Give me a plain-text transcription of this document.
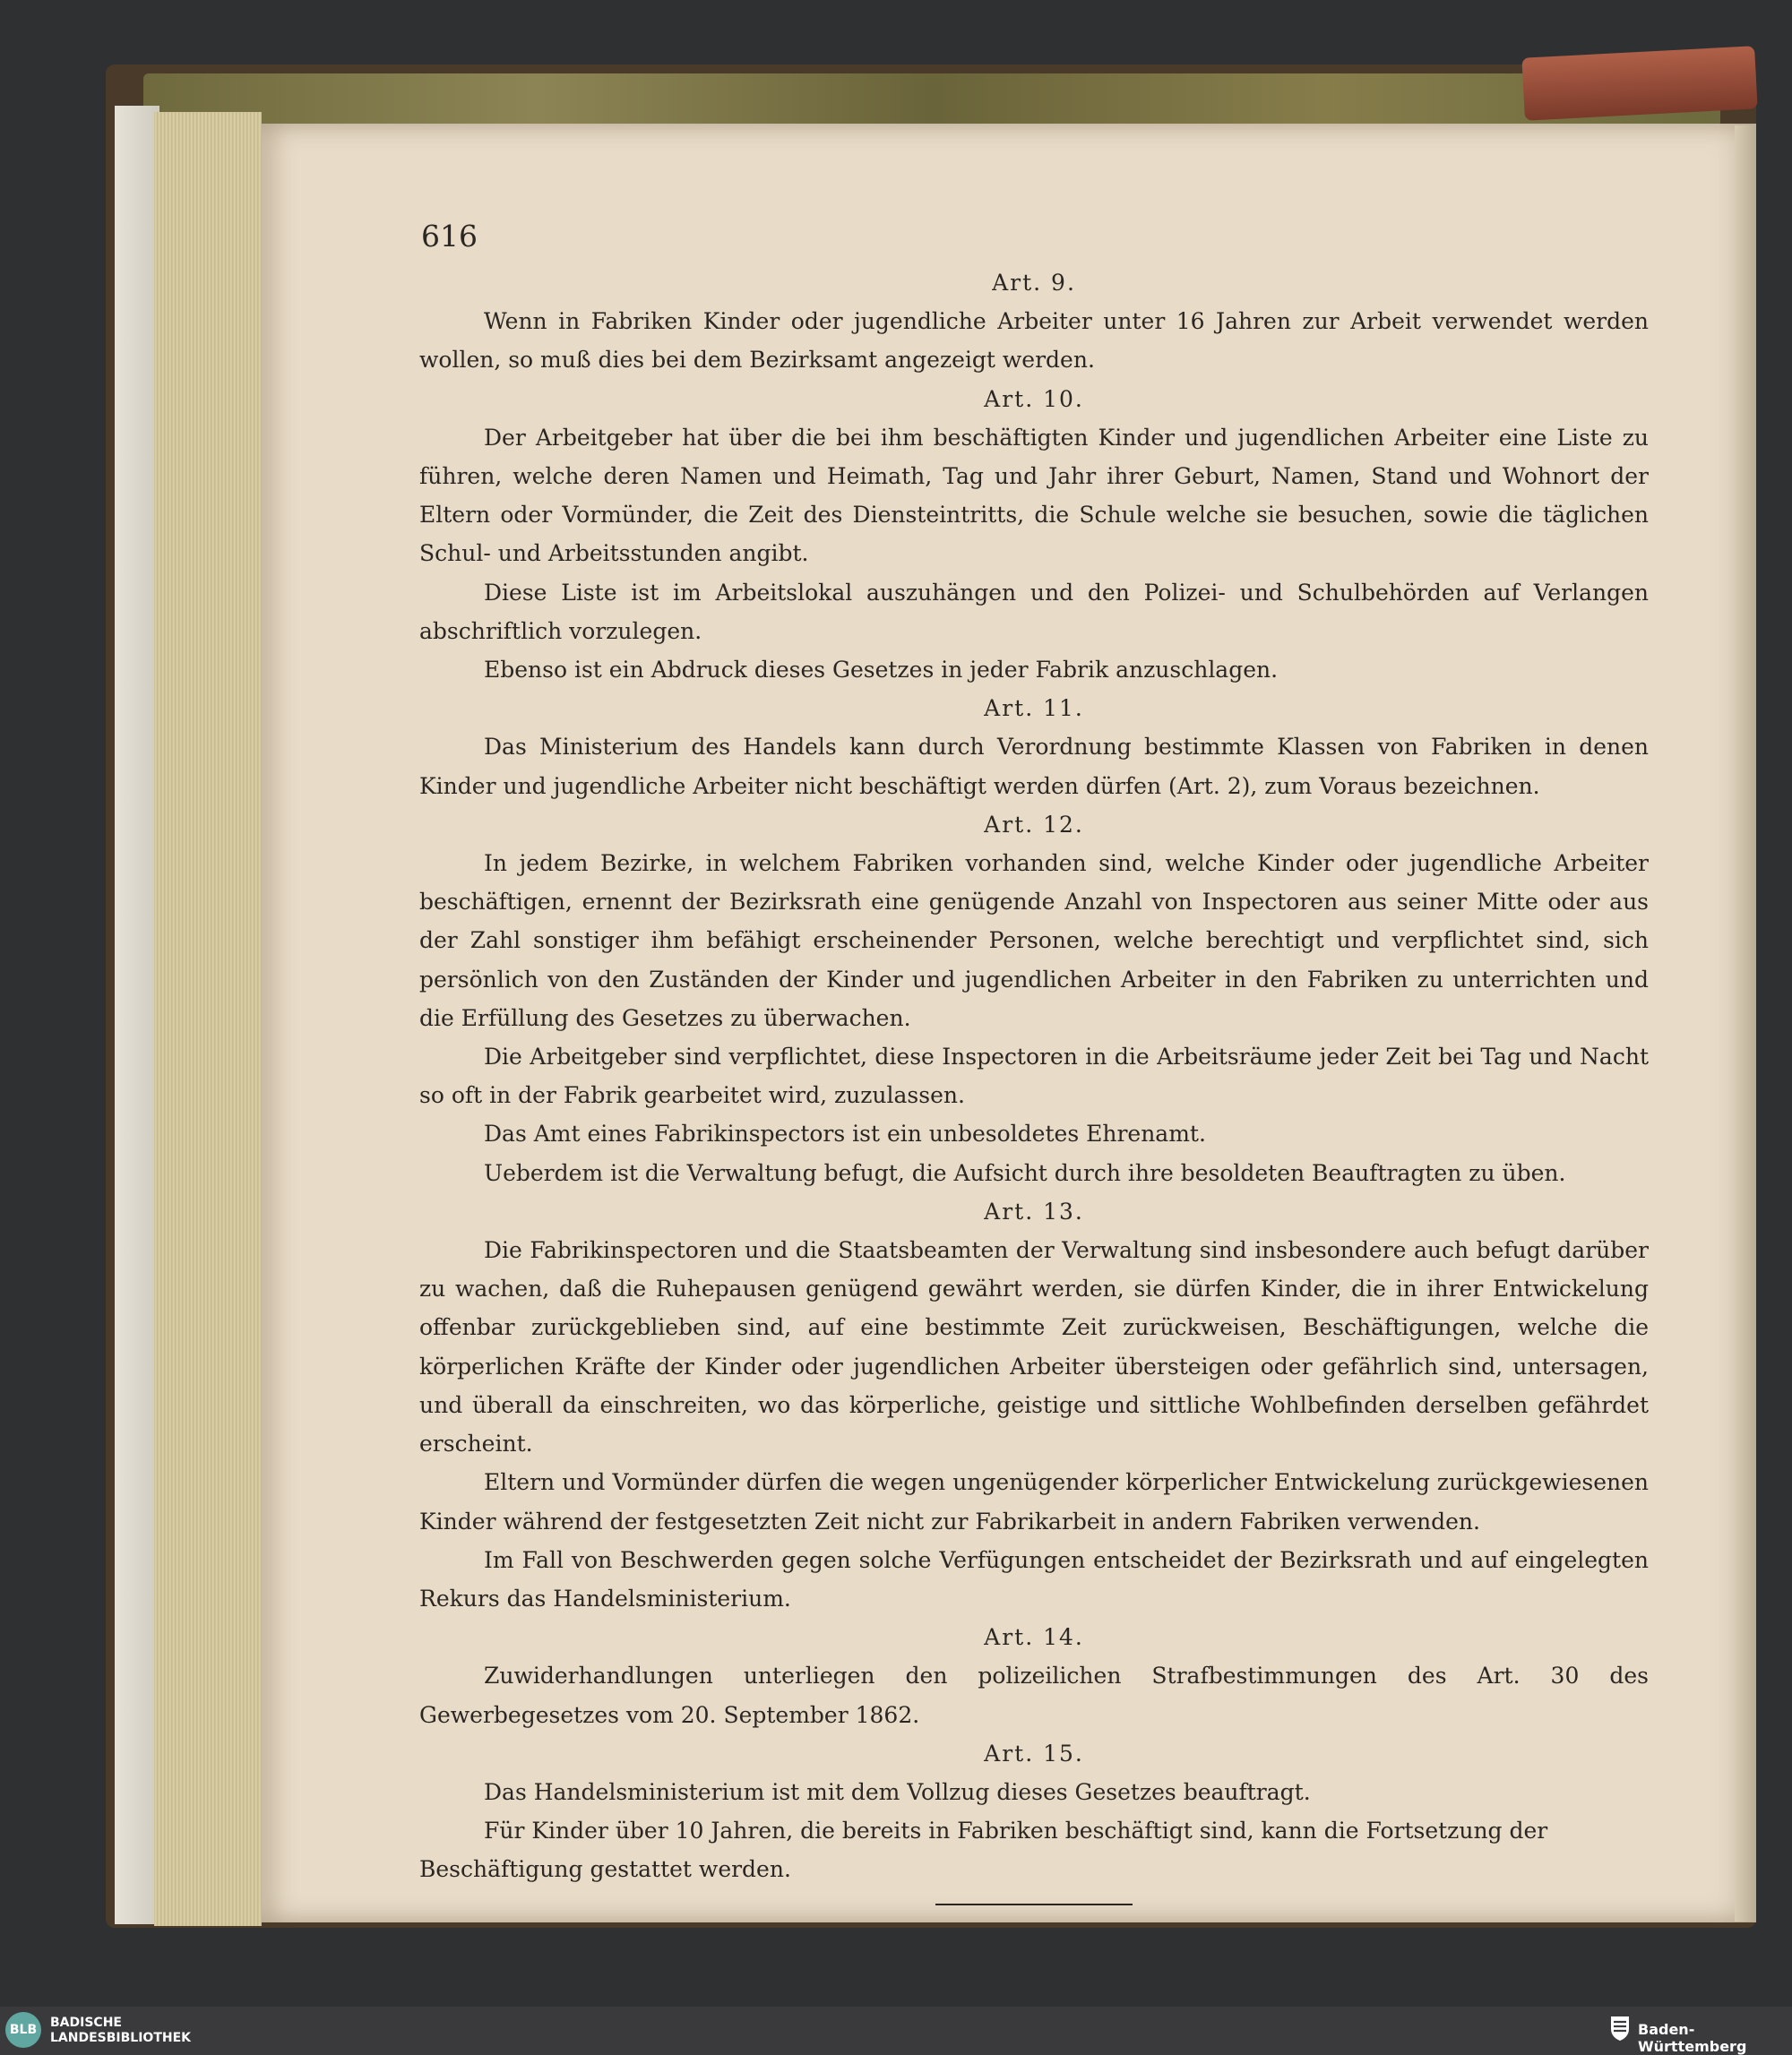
616

Art. 9.

Wenn in Fabriken Kinder oder jugendliche Arbeiter unter 16 Jahren zur Arbeit verwendet werden wollen, so muß dies bei dem Bezirksamt angezeigt werden.

Art. 10.

Der Arbeitgeber hat über die bei ihm beschäftigten Kinder und jugendlichen Arbeiter eine Liste zu führen, welche deren Namen und Heimath, Tag und Jahr ihrer Geburt, Namen, Stand und Wohnort der Eltern oder Vormünder, die Zeit des Diensteintritts, die Schule welche sie besuchen, sowie die täglichen Schul- und Arbeitsstunden angibt.

Diese Liste ist im Arbeitslokal auszuhängen und den Polizei- und Schulbehörden auf Verlangen abschriftlich vorzulegen.

Ebenso ist ein Abdruck dieses Gesetzes in jeder Fabrik anzuschlagen.

Art. 11.

Das Ministerium des Handels kann durch Verordnung bestimmte Klassen von Fabriken in denen Kinder und jugendliche Arbeiter nicht beschäftigt werden dürfen (Art. 2), zum Voraus bezeichnen.

Art. 12.

In jedem Bezirke, in welchem Fabriken vorhanden sind, welche Kinder oder jugendliche Arbeiter beschäftigen, ernennt der Bezirksrath eine genügende Anzahl von Inspectoren aus seiner Mitte oder aus der Zahl sonstiger ihm befähigt erscheinender Personen, welche berechtigt und verpflichtet sind, sich persönlich von den Zuständen der Kinder und jugendlichen Arbeiter in den Fabriken zu unterrichten und die Erfüllung des Gesetzes zu überwachen.

Die Arbeitgeber sind verpflichtet, diese Inspectoren in die Arbeitsräume jeder Zeit bei Tag und Nacht so oft in der Fabrik gearbeitet wird, zuzulassen.

Das Amt eines Fabrikinspectors ist ein unbesoldetes Ehrenamt.

Ueberdem ist die Verwaltung befugt, die Aufsicht durch ihre besoldeten Beauftragten zu üben.

Art. 13.

Die Fabrikinspectoren und die Staatsbeamten der Verwaltung sind insbesondere auch befugt darüber zu wachen, daß die Ruhepausen genügend gewährt werden, sie dürfen Kinder, die in ihrer Entwickelung offenbar zurückgeblieben sind, auf eine bestimmte Zeit zurückweisen, Beschäftigungen, welche die körperlichen Kräfte der Kinder oder jugendlichen Arbeiter übersteigen oder gefährlich sind, untersagen, und überall da einschreiten, wo das körperliche, geistige und sittliche Wohlbefinden derselben gefährdet erscheint.

Eltern und Vormünder dürfen die wegen ungenügender körperlicher Entwickelung zurückgewiesenen Kinder während der festgesetzten Zeit nicht zur Fabrikarbeit in andern Fabriken verwenden.

Im Fall von Beschwerden gegen solche Verfügungen entscheidet der Bezirksrath und auf eingelegten Rekurs das Handelsministerium.

Art. 14.

Zuwiderhandlungen unterliegen den polizeilichen Strafbestimmungen des Art. 30 des Gewerbegesetzes vom 20. September 1862.

Art. 15.

Das Handelsministerium ist mit dem Vollzug dieses Gesetzes beauftragt.

Für Kinder über 10 Jahren, die bereits in Fabriken beschäftigt sind, kann die Fortsetzung der Beschäftigung gestattet werden.

BLB	BADISCHE
LANDESBIBLIOTHEK	Baden-Württemberg
